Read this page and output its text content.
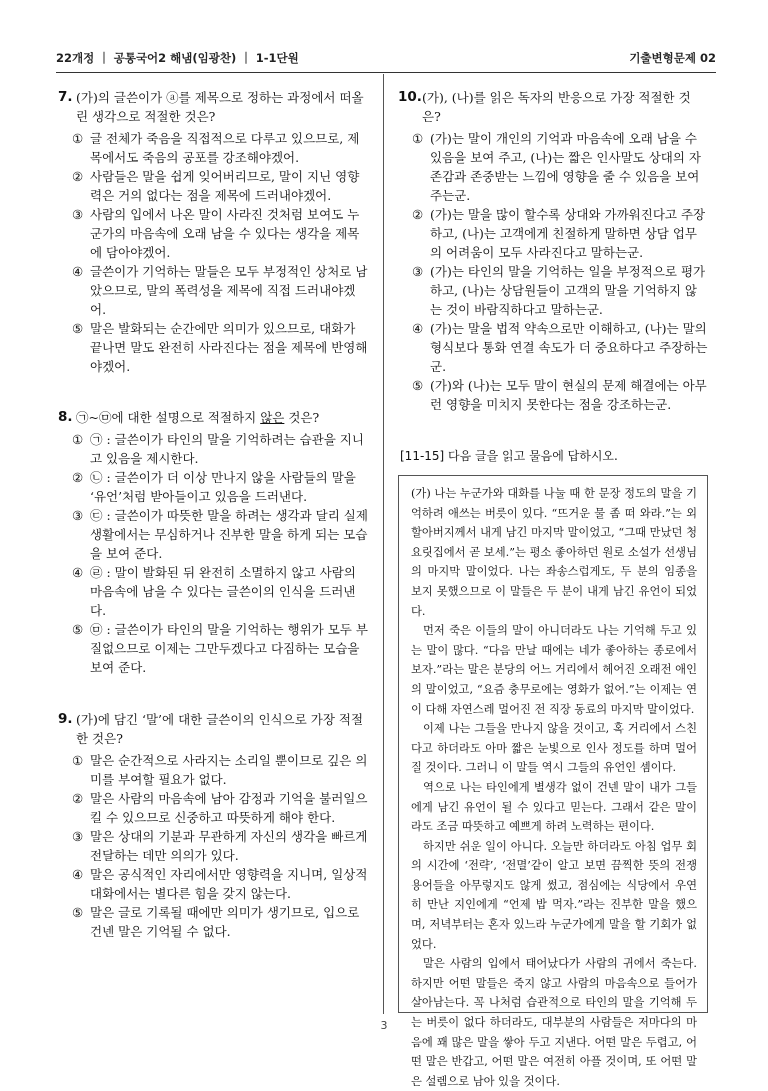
22개정 ｜ 공통국어2 해냄(임광찬) ｜ 1-1단원	기출변형문제 02
7. (가)의 글쓴이가 ⓐ를 제목으로 정하는 과정에서 떠올린 생각으로 적절한 것은?
① 글 전체가 죽음을 직접적으로 다루고 있으므로, 제목에서도 죽음의 공포를 강조해야겠어.
② 사람들은 말을 쉽게 잊어버리므로, 말이 지닌 영향력은 거의 없다는 점을 제목에 드러내야겠어.
③ 사람의 입에서 나온 말이 사라진 것처럼 보여도 누군가의 마음속에 오래 남을 수 있다는 생각을 제목에 담아야겠어.
④ 글쓴이가 기억하는 말들은 모두 부정적인 상처로 남았으므로, 말의 폭력성을 제목에 직접 드러내야겠어.
⑤ 말은 발화되는 순간에만 의미가 있으므로, 대화가 끝나면 말도 완전히 사라진다는 점을 제목에 반영해야겠어.
8. ㉠~㉤에 대한 설명으로 적절하지 않은 것은?
① ㉠ : 글쓴이가 타인의 말을 기억하려는 습관을 지니고 있음을 제시한다.
② ㉡ : 글쓴이가 더 이상 만나지 않을 사람들의 말을 ‘유언’처럼 받아들이고 있음을 드러낸다.
③ ㉢ : 글쓴이가 따뜻한 말을 하려는 생각과 달리 실제 생활에서는 무심하거나 진부한 말을 하게 되는 모습을 보여 준다.
④ ㉣ : 말이 발화된 뒤 완전히 소멸하지 않고 사람의 마음속에 남을 수 있다는 글쓴이의 인식을 드러낸다.
⑤ ㉤ : 글쓴이가 타인의 말을 기억하는 행위가 모두 부질없으므로 이제는 그만두겠다고 다짐하는 모습을 보여 준다.
9. (가)에 담긴 ‘말’에 대한 글쓴이의 인식으로 가장 적절한 것은?
① 말은 순간적으로 사라지는 소리일 뿐이므로 깊은 의미를 부여할 필요가 없다.
② 말은 사람의 마음속에 남아 감정과 기억을 불러일으킬 수 있으므로 신중하고 따뜻하게 해야 한다.
③ 말은 상대의 기분과 무관하게 자신의 생각을 빠르게 전달하는 데만 의의가 있다.
④ 말은 공식적인 자리에서만 영향력을 지니며, 일상적 대화에서는 별다른 힘을 갖지 않는다.
⑤ 말은 글로 기록될 때에만 의미가 생기므로, 입으로 건넨 말은 기억될 수 없다.
10. (가), (나)를 읽은 독자의 반응으로 가장 적절한 것은?
① (가)는 말이 개인의 기억과 마음속에 오래 남을 수 있음을 보여 주고, (나)는 짧은 인사말도 상대의 자존감과 존중받는 느낌에 영향을 줄 수 있음을 보여 주는군.
② (가)는 말을 많이 할수록 상대와 가까워진다고 주장하고, (나)는 고객에게 친절하게 말하면 상담 업무의 어려움이 모두 사라진다고 말하는군.
③ (가)는 타인의 말을 기억하는 일을 부정적으로 평가하고, (나)는 상담원들이 고객의 말을 기억하지 않는 것이 바람직하다고 말하는군.
④ (가)는 말을 법적 약속으로만 이해하고, (나)는 말의 형식보다 통화 연결 속도가 더 중요하다고 주장하는군.
⑤ (가)와 (나)는 모두 말이 현실의 문제 해결에는 아무런 영향을 미치지 못한다는 점을 강조하는군.
[11-15] 다음 글을 읽고 물음에 답하시오.

(가) 나는 누군가와 대화를 나눌 때 한 문장 정도의 말을 기억하려 애쓰는 버릇이 있다. “뜨거운 물 좀 떠 와라.”는 외할아버지께서 내게 남긴 마지막 말이었고, “그때 만났던 청요릿집에서 곧 보세.”는 평소 좋아하던 원로 소설가 선생님의 마지막 말이었다. 나는 좌송스럽게도, 두 분의 임종을 보지 못했으므로 이 말들은 두 분이 내게 남긴 유언이 되었다.

먼저 죽은 이들의 말이 아니더라도 나는 기억해 두고 있는 말이 많다. “다음 만날 때에는 네가 좋아하는 종로에서 보자.”라는 말은 분당의 어느 거리에서 헤어진 오래전 애인의 말이었고, “요즘 충무로에는 영화가 없어.”는 이제는 연이 다해 자연스레 멀어진 전 직장 동료의 마지막 말이었다.

이제 나는 그들을 만나지 않을 것이고, 혹 거리에서 스친다고 하더라도 아마 짧은 눈빛으로 인사 정도를 하며 멀어질 것이다. 그러니 이 말들 역시 그들의 유언인 셈이다.

역으로 나는 타인에게 별생각 없이 건넨 말이 내가 그들에게 남긴 유언이 될 수 있다고 믿는다. 그래서 같은 말이라도 조금 따뜻하고 예쁘게 하려 노력하는 편이다.

하지만 쉬운 일이 아니다. 오늘만 하더라도 아침 업무 회의 시간에 ‘전략’, ‘전멸’같이 알고 보면 끔찍한 뜻의 전쟁 용어들을 아무렇지도 않게 썼고, 점심에는 식당에서 우연히 만난 지인에게 “언제 밥 먹자.”라는 진부한 말을 했으며, 저녁부터는 혼자 있느라 누군가에게 말을 할 기회가 없었다.

말은 사람의 입에서 태어났다가 사람의 귀에서 죽는다. 하지만 어떤 말들은 죽지 않고 사람의 마음속으로 들어가 살아남는다. 꼭 나처럼 습관적으로 타인의 말을 기억해 두는 버릇이 없다 하더라도, 대부분의 사람들은 저마다의 마음에 꽤 많은 말을 쌓아 두고 지낸다. 어떤 말은 두렵고, 어떤 말은 반갑고, 어떤 말은 여전히 아플 것이며, 또 어떤 말은 설렘으로 남아 있을 것이다.

3
